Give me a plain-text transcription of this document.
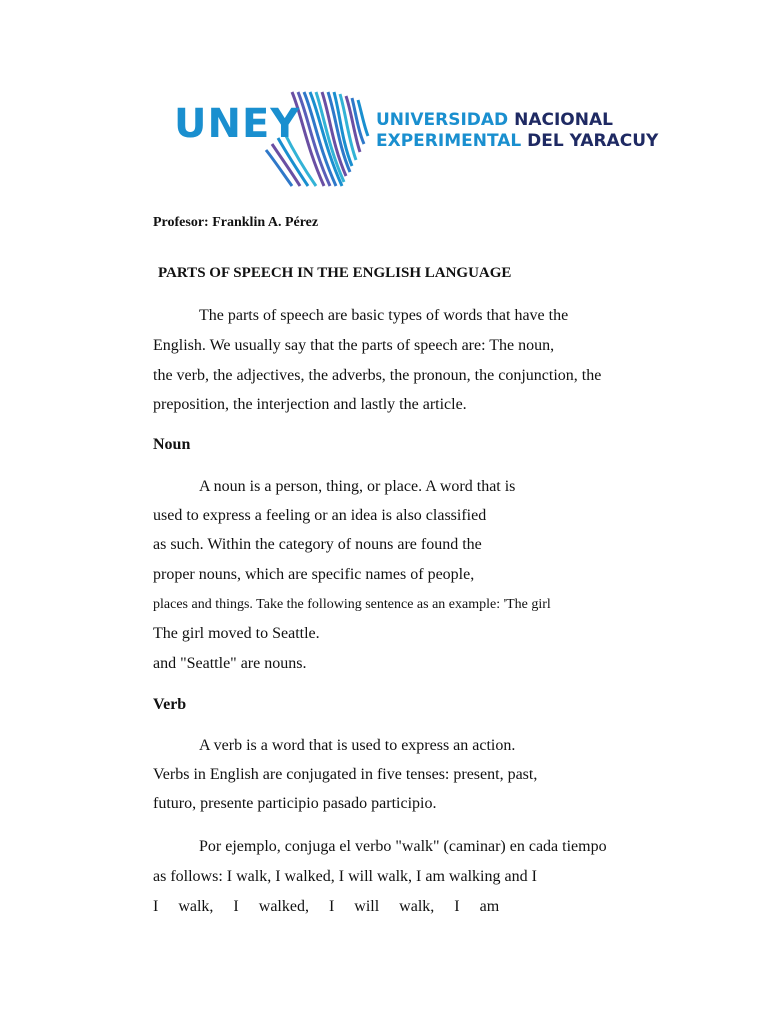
UNEY	UNIVERSIDAD NACIONAL
EXPERIMENTAL DEL YARACUY
Profesor: Franklin A. Pérez
PARTS OF SPEECH IN THE ENGLISH LANGUAGE
The parts of speech are basic types of words that have the
English. We usually say that the parts of speech are: The noun,
the verb, the adjectives, the adverbs, the pronoun, the conjunction, the
preposition, the interjection and lastly the article.
Noun
A noun is a person, thing, or place. A word that is
used to express a feeling or an idea is also classified
as such. Within the category of nouns are found the
proper nouns, which are specific names of people,
places and things. Take the following sentence as an example: 'The girl
The girl moved to Seattle.
and "Seattle" are nouns.
Verb
A verb is a word that is used to express an action.
Verbs in English are conjugated in five tenses: present, past,
futuro, presente participio pasado participio.
Por ejemplo, conjuga el verbo "walk" (caminar) en cada tiempo
as follows: I walk, I walked, I will walk, I am walking and I
I walk, I walked, I will walk, I am
